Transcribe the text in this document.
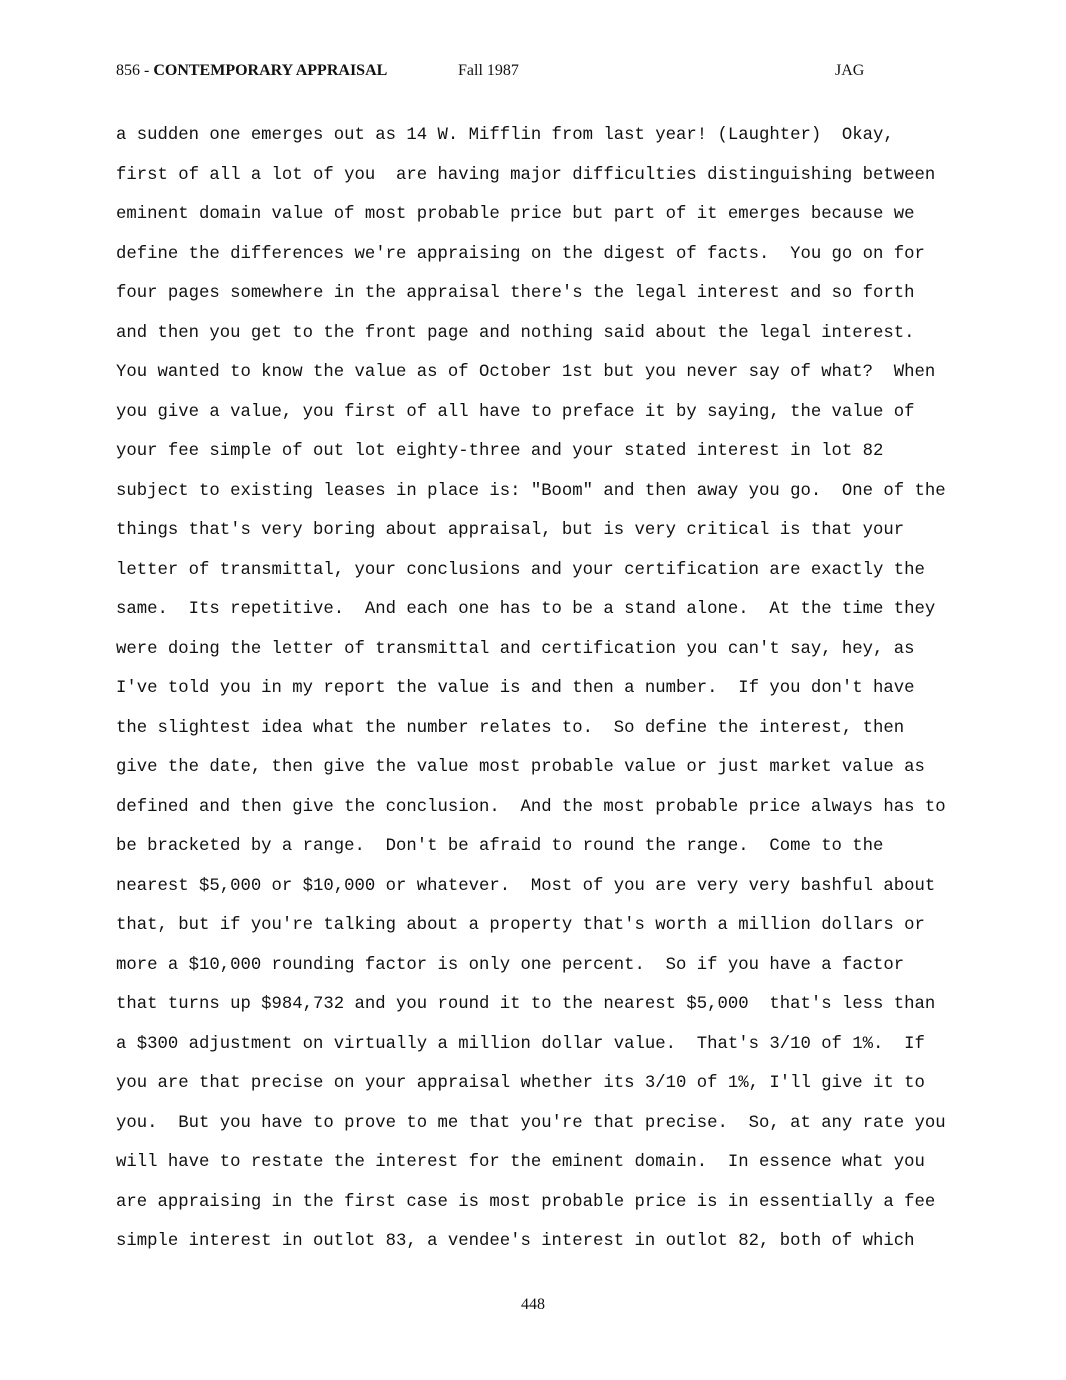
856 - CONTEMPORARY APPRAISAL	Fall 1987	JAG
a sudden one emerges out as 14 W. Mifflin from last year! (Laughter)  Okay,
first of all a lot of you  are having major difficulties distinguishing between
eminent domain value of most probable price but part of it emerges because we
define the differences we're appraising on the digest of facts.  You go on for
four pages somewhere in the appraisal there's the legal interest and so forth
and then you get to the front page and nothing said about the legal interest.
You wanted to know the value as of October 1st but you never say of what?  When
you give a value, you first of all have to preface it by saying, the value of
your fee simple of out lot eighty-three and your stated interest in lot 82
subject to existing leases in place is: "Boom" and then away you go.  One of the
things that's very boring about appraisal, but is very critical is that your
letter of transmittal, your conclusions and your certification are exactly the
same.  Its repetitive.  And each one has to be a stand alone.  At the time they
were doing the letter of transmittal and certification you can't say, hey, as
I've told you in my report the value is and then a number.  If you don't have
the slightest idea what the number relates to.  So define the interest, then
give the date, then give the value most probable value or just market value as
defined and then give the conclusion.  And the most probable price always has to
be bracketed by a range.  Don't be afraid to round the range.  Come to the
nearest $5,000 or $10,000 or whatever.  Most of you are very very bashful about
that, but if you're talking about a property that's worth a million dollars or
more a $10,000 rounding factor is only one percent.  So if you have a factor
that turns up $984,732 and you round it to the nearest $5,000  that's less than
a $300 adjustment on virtually a million dollar value.  That's 3/10 of 1%.  If
you are that precise on your appraisal whether its 3/10 of 1%, I'll give it to
you.  But you have to prove to me that you're that precise.  So, at any rate you
will have to restate the interest for the eminent domain.  In essence what you
are appraising in the first case is most probable price is in essentially a fee
simple interest in outlot 83, a vendee's interest in outlot 82, both of which
448
